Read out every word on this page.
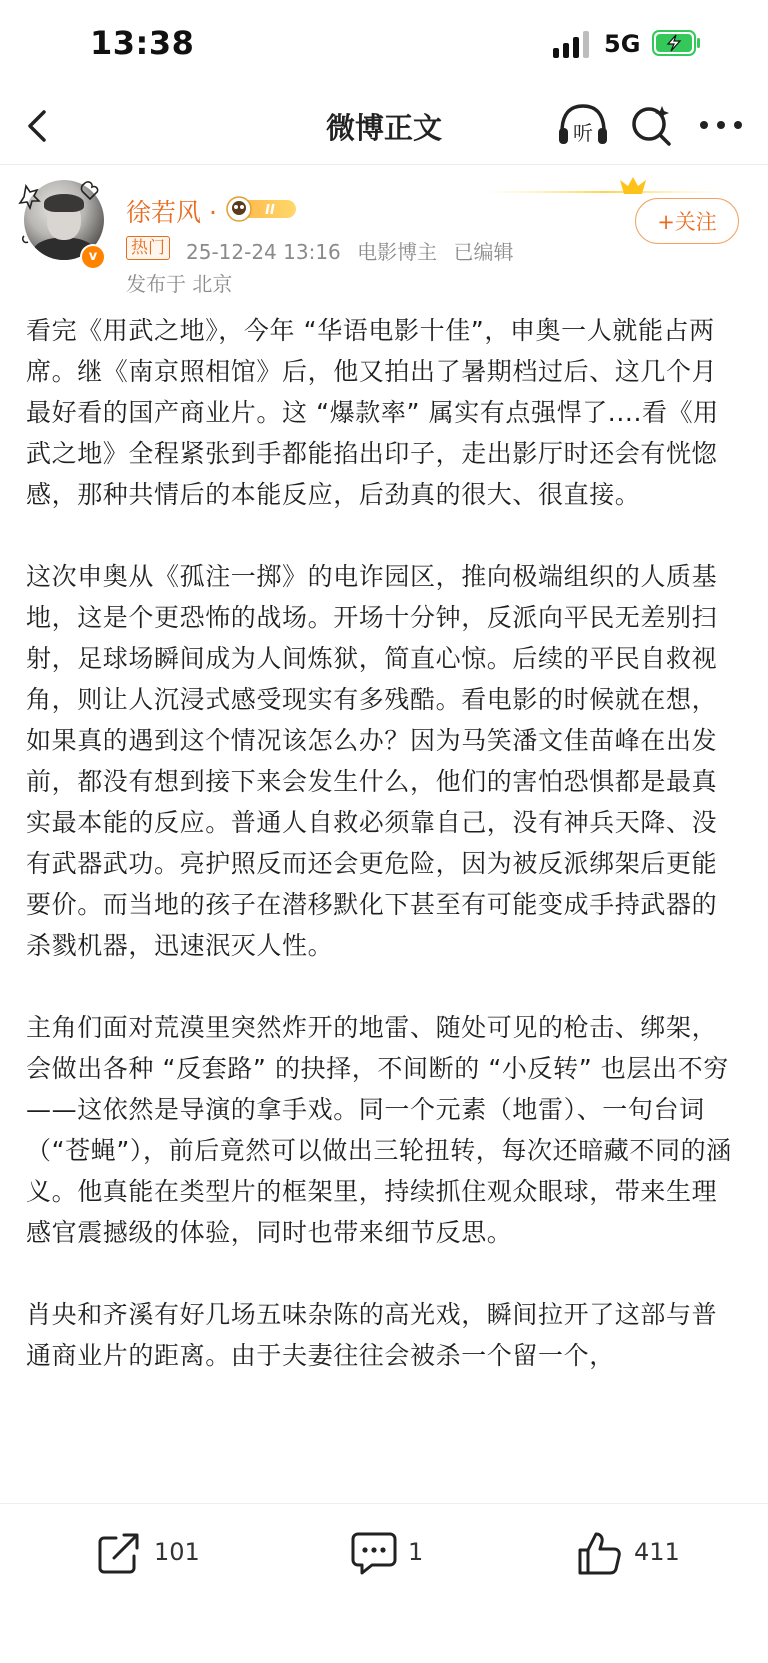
13:38	5G
微博正文	听
v
徐若风 ·	II
热门 25-12-24 13:16 电影博主 已编辑
发布于 北京
+关注

看完《用武之地》，今年 “华语电影十佳”，申奥一人就能占两席。继《南京照相馆》后，他又拍出了暑期档过后、这几个月最好看的国产商业片。这 “爆款率” 属实有点强悍了....看《用武之地》全程紧张到手都能掐出印子，走出影厅时还会有恍惚感，那种共情后的本能反应，后劲真的很大、很直接。

这次申奥从《孤注一掷》的电诈园区，推向极端组织的人质基地，这是个更恐怖的战场。开场十分钟，反派向平民无差别扫射，足球场瞬间成为人间炼狱，简直心惊。后续的平民自救视角，则让人沉浸式感受现实有多残酷。看电影的时候就在想，如果真的遇到这个情况该怎么办？因为马笑潘文佳苗峰在出发前，都没有想到接下来会发生什么，他们的害怕恐惧都是最真实最本能的反应。普通人自救必须靠自己，没有神兵天降、没有武器武功。亮护照反而还会更危险，因为被反派绑架后更能要价。而当地的孩子在潜移默化下甚至有可能变成手持武器的杀戮机器，迅速泯灭人性。

主角们面对荒漠里突然炸开的地雷、随处可见的枪击、绑架，会做出各种 “反套路” 的抉择，不间断的 “小反转” 也层出不穷——这依然是导演的拿手戏。同一个元素（地雷）、一句台词（“苍蝇”），前后竟然可以做出三轮扭转，每次还暗藏不同的涵义。他真能在类型片的框架里，持续抓住观众眼球，带来生理感官震撼级的体验，同时也带来细节反思。

肖央和齐溪有好几场五味杂陈的高光戏，瞬间拉开了这部与普通商业片的距离。由于夫妻往往会被杀一个留一个，

101	1	411
